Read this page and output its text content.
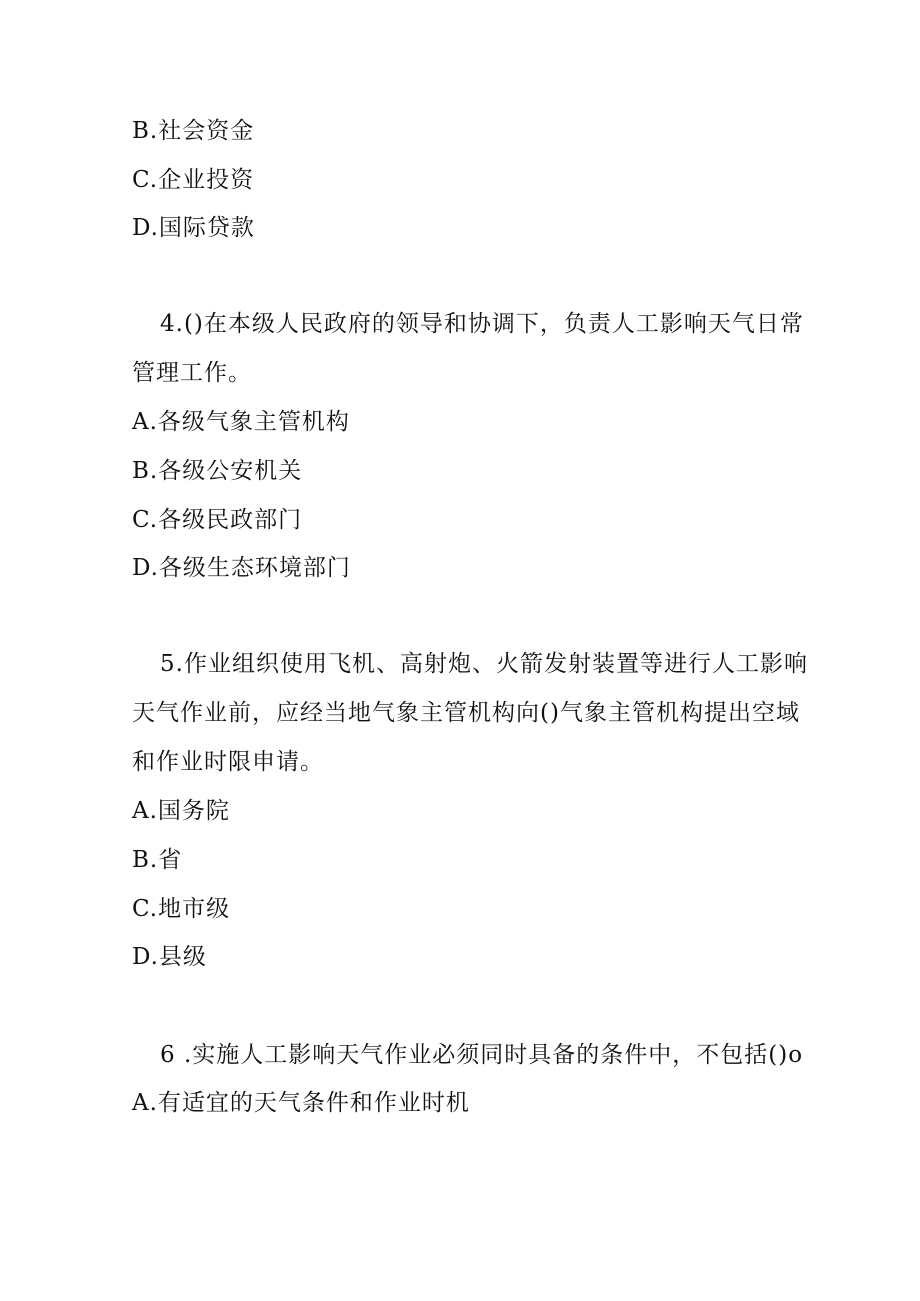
B.社会资金
C.企业投资
D.国际贷款
4.()在本级人民政府的领导和协调下，负责人工影响天气日常
管理工作。
A.各级气象主管机构
B.各级公安机关
C.各级民政部门
D.各级生态环境部门
5.作业组织使用飞机、高射炮、火箭发射装置等进行人工影响
天气作业前，应经当地气象主管机构向()气象主管机构提出空域
和作业时限申请。
A.国务院
B.省
C.地市级
D.县级
6 .实施人工影响天气作业必须同时具备的条件中，不包括()o
A.有适宜的天气条件和作业时机
